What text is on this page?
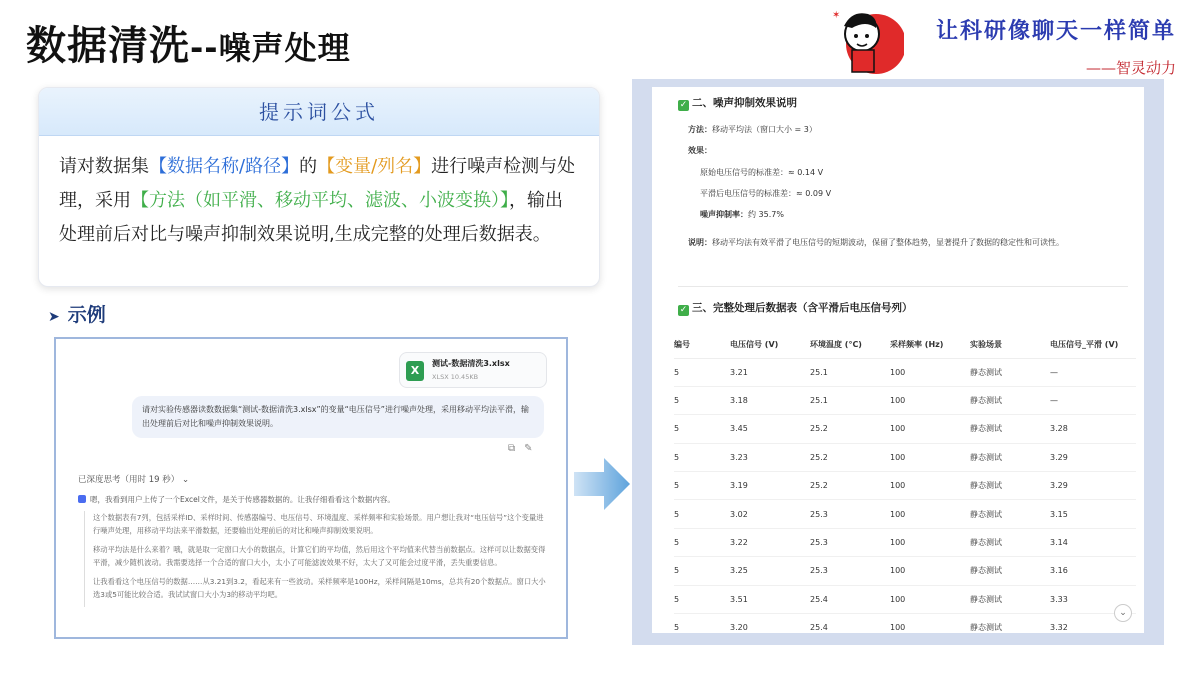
数据清洗--噪声处理
✶
让科研像聊天一样简单
——智灵动力
提示词公式
请对数据集【数据名称/路径】的【变量/列名】进行噪声检测与处理，采用【方法（如平滑、移动平均、滤波、小波变换）】，输出处理前后对比与噪声抑制效果说明,生成完整的处理后数据表。
➤ 示例
X
测试-数据清洗3.xlsx
XLSX 10.45KB
请对实验传感器读数数据集“测试-数据清洗3.xlsx”的变量“电压信号”进行噪声处理，采用移动平均法平滑，输出处理前后对比和噪声抑制效果说明。
⧉✎
已深度思考（用时 19 秒） ⌄
嗯，我看到用户上传了一个Excel文件，是关于传感器数据的。让我仔细看看这个数据内容。

这个数据表有7列，包括采样ID、采样时间、传感器编号、电压信号、环境温度、采样频率和实验场景。用户想让我对“电压信号”这个变量进行噪声处理，用移动平均法来平滑数据，还要输出处理前后的对比和噪声抑制效果说明。

移动平均法是什么来着？哦，就是取一定窗口大小的数据点，计算它们的平均值，然后用这个平均值来代替当前数据点。这样可以让数据变得平滑，减少随机波动。我需要选择一个合适的窗口大小，太小了可能滤波效果不好，太大了又可能会过度平滑，丢失重要信息。

让我看看这个电压信号的数据……从3.21到3.2，看起来有一些波动。采样频率是100Hz，采样间隔是10ms，总共有20个数据点。窗口大小选3或5可能比较合适。我试试窗口大小为3的移动平均吧。

✓ 二、噪声抑制效果说明
方法：移动平均法（窗口大小 = 3）
效果：
原始电压信号的标准差：≈ 0.14 V
平滑后电压信号的标准差：≈ 0.09 V
噪声抑制率：约 35.7%
说明：移动平均法有效平滑了电压信号的短期波动，保留了整体趋势，显著提升了数据的稳定性和可读性。
✓ 三、完整处理后数据表（含平滑后电压信号列）
编号	电压信号 (V)	环境温度 (°C)	采样频率 (Hz)	实验场景	电压信号_平滑 (V)
5	3.21	25.1	100	静态测试	—
5	3.18	25.1	100	静态测试	—
5	3.45	25.2	100	静态测试	3.28
5	3.23	25.2	100	静态测试	3.29
5	3.19	25.2	100	静态测试	3.29
5	3.02	25.3	100	静态测试	3.15
5	3.22	25.3	100	静态测试	3.14
5	3.25	25.3	100	静态测试	3.16
5	3.51	25.4	100	静态测试	3.33
5	3.20	25.4	100	静态测试	3.32
⌄
